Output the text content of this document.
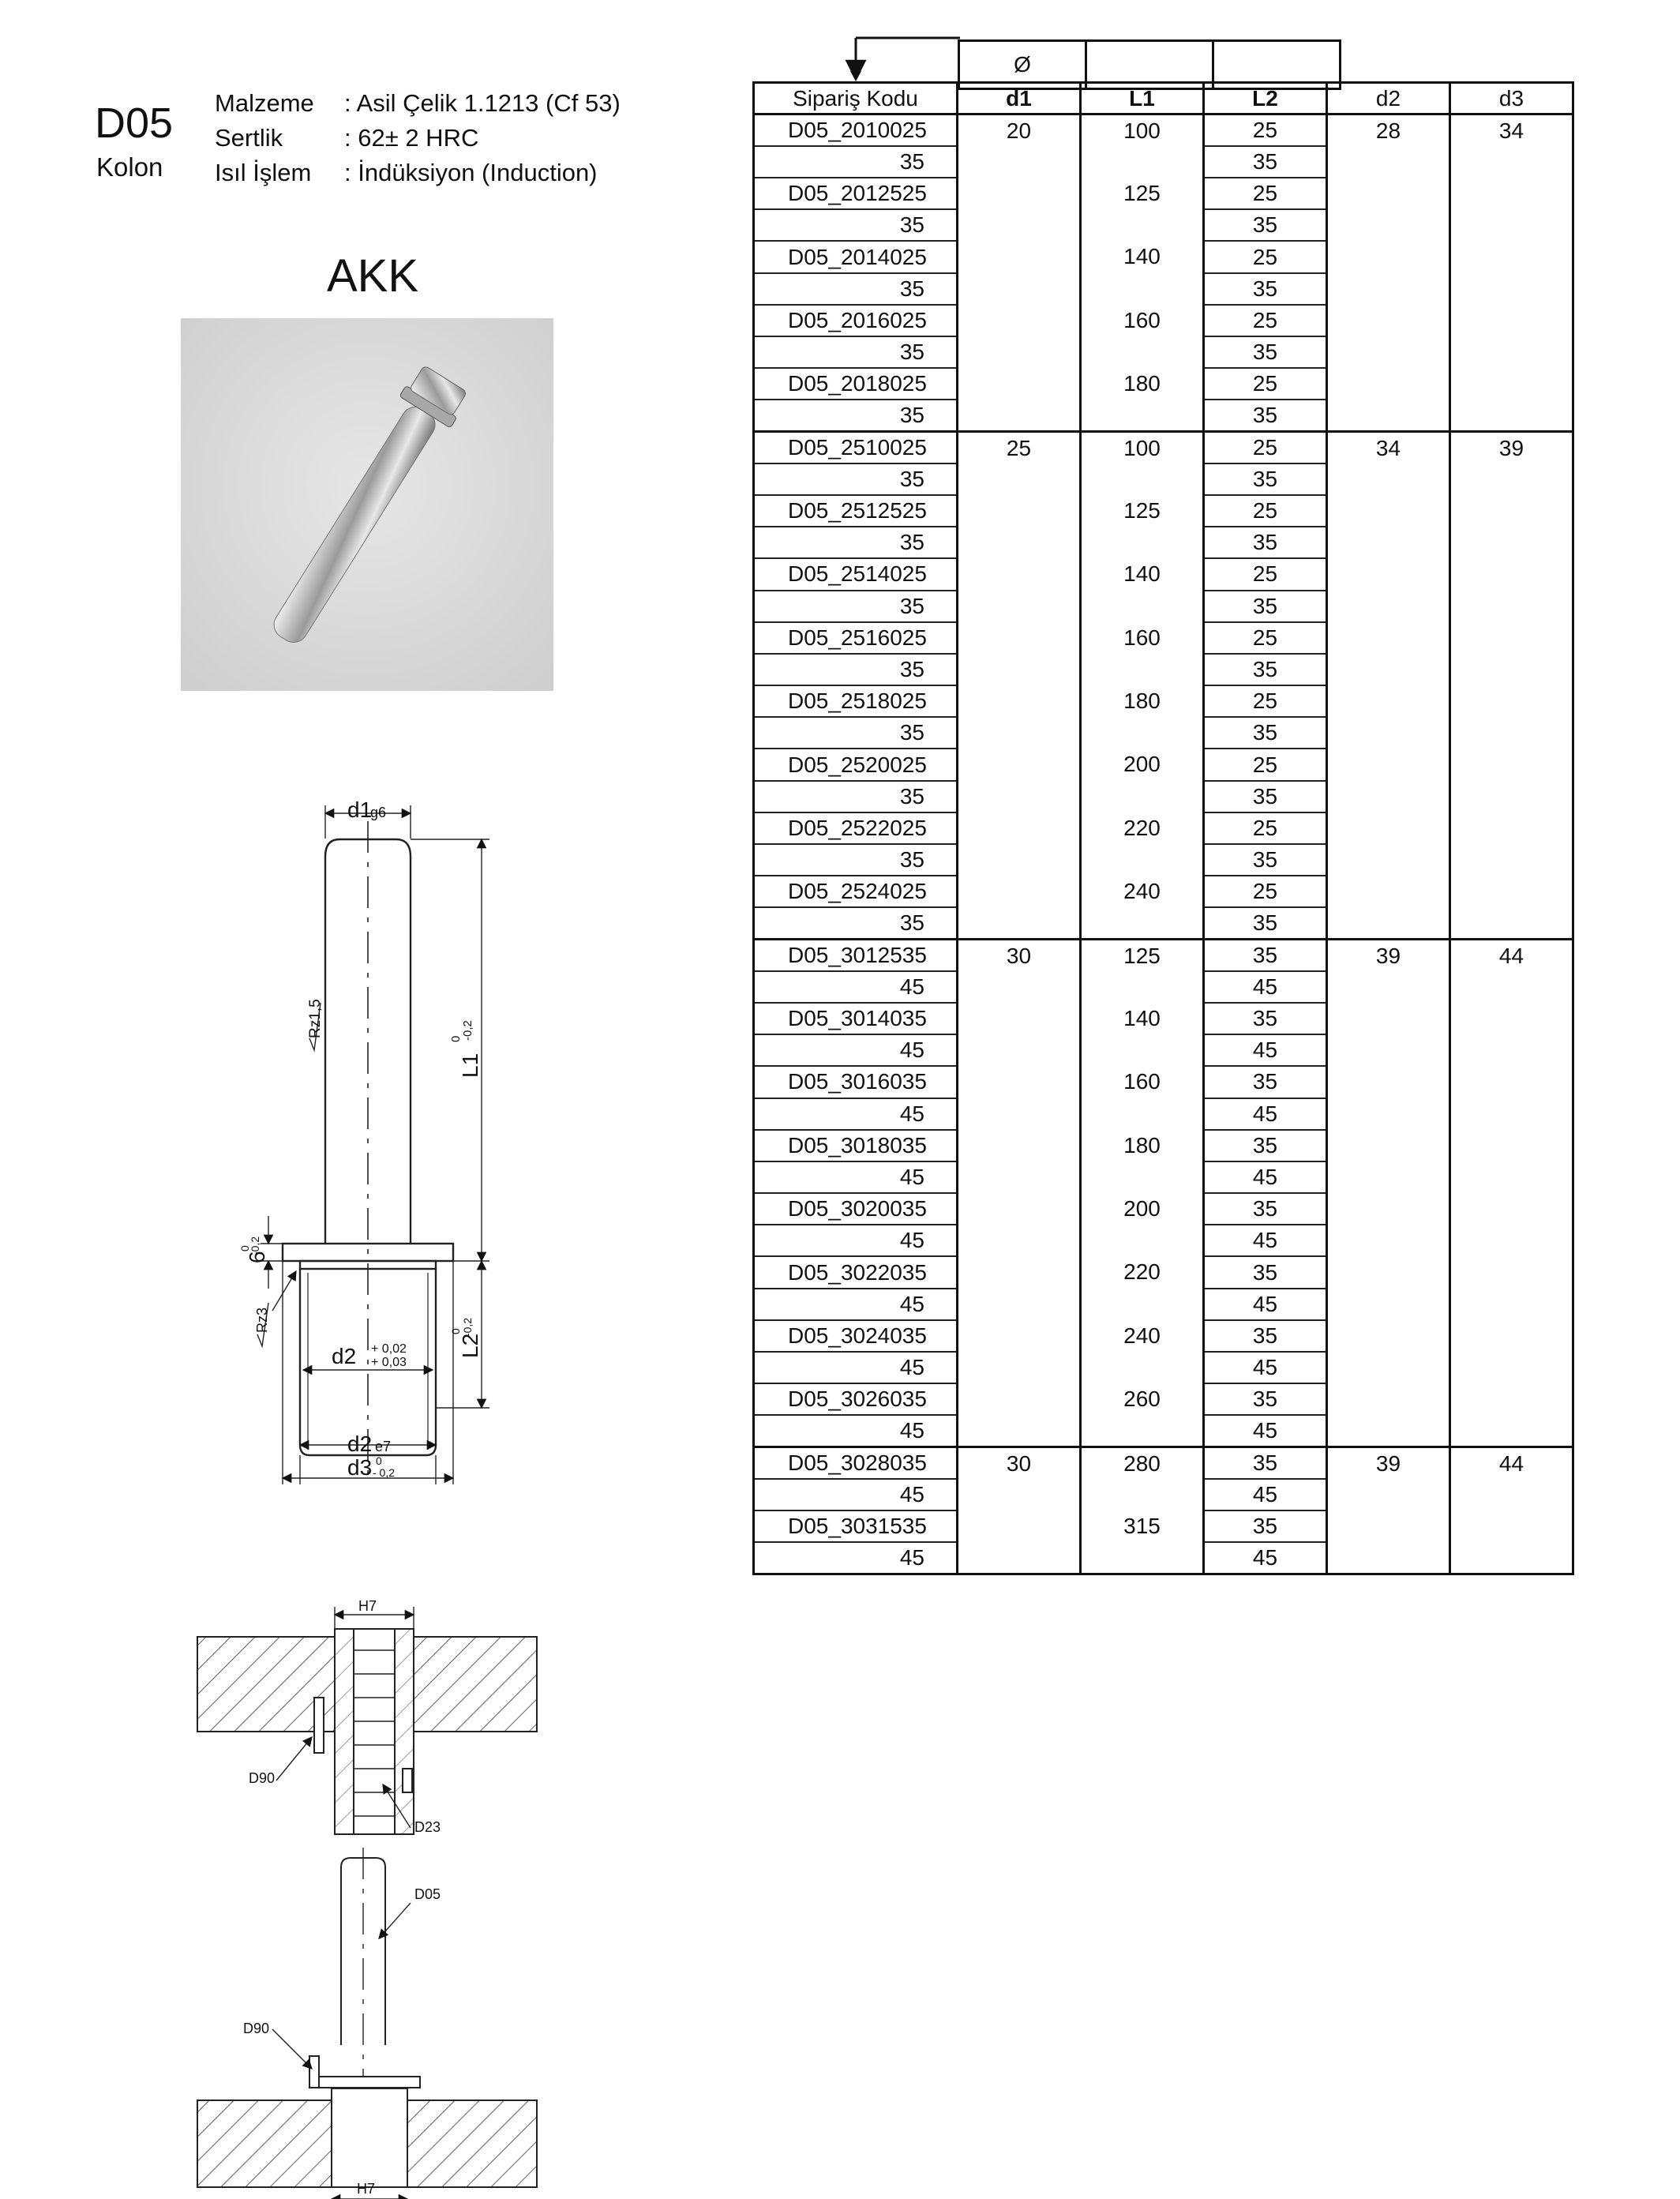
D05
Kolon
Malzeme : Asil Çelik 1.1213 (Cf 53)
Sertlik	: 62± 2 HRC
Isıl İşlem : İndüksiyon (Induction)
AKK
d1
g6
Rz1,5
L1
0
-0,2
6
0
-0,2
Rz3
d2 + 0,02
+ 0,03
L2
0 -0,2
d2 e7
d3 0
- 0,2
H7
D90
D23
D05
D90
H7
Ø		
Sipariş Kodu	d1	L1	L2	d2	d3
D05_2010025	20	100	25	28	34
35			35		
D05_2012525		125	25		
35			35		
D05_2014025		140	25		
35			35		
D05_2016025		160	25		
35			35		
D05_2018025		180	25		
35			35		
D05_2510025	25	100	25	34	39
35			35		
D05_2512525		125	25		
35			35		
D05_2514025		140	25		
35			35		
D05_2516025		160	25		
35			35		
D05_2518025		180	25		
35			35		
D05_2520025		200	25		
35			35		
D05_2522025		220	25		
35			35		
D05_2524025		240	25		
35			35		
D05_3012535	30	125	35	39	44
45			45		
D05_3014035		140	35		
45			45		
D05_3016035		160	35		
45			45		
D05_3018035		180	35		
45			45		
D05_3020035		200	35		
45			45		
D05_3022035		220	35		
45			45		
D05_3024035		240	35		
45			45		
D05_3026035		260	35		
45			45		
D05_3028035	30	280	35	39	44
45			45		
D05_3031535		315	35		
45			45		
